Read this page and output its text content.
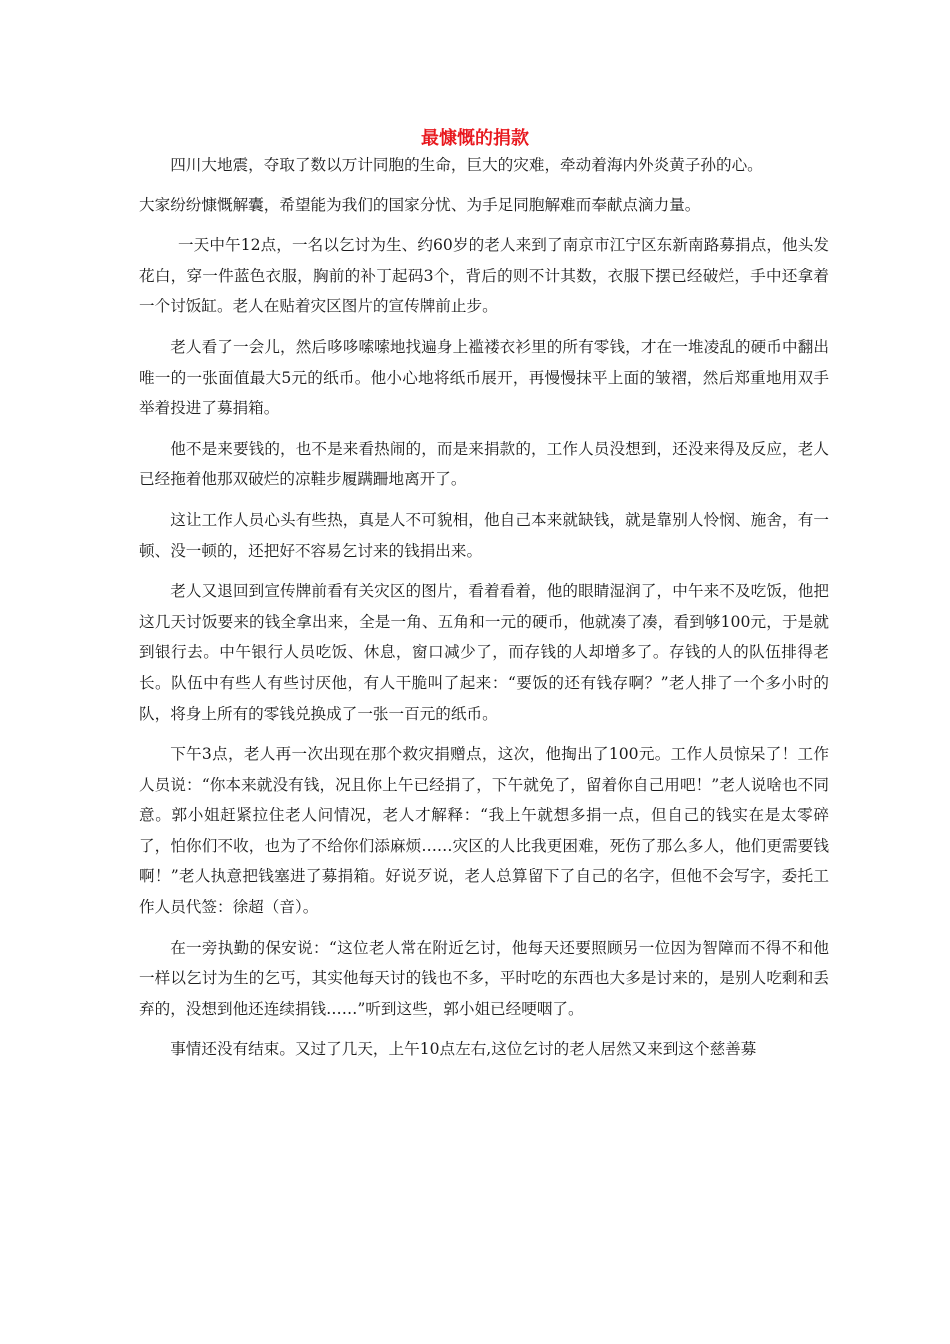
最慷慨的捐款

四川大地震，夺取了数以万计同胞的生命，巨大的灾难，牵动着海内外炎黄子孙的心。

大家纷纷慷慨解囊，希望能为我们的国家分忧、为手足同胞解难而奉献点滴力量。

一天中午12点，一名以乞讨为生、约60岁的老人来到了南京市江宁区东新南路募捐点，他头发花白，穿一件蓝色衣服，胸前的补丁起码3个，背后的则不计其数，衣服下摆已经破烂，手中还拿着一个讨饭缸。老人在贴着灾区图片的宣传牌前止步。

老人看了一会儿，然后哆哆嗦嗦地找遍身上褴褛衣衫里的所有零钱，才在一堆凌乱的硬币中翻出唯一的一张面值最大5元的纸币。他小心地将纸币展开，再慢慢抹平上面的皱褶，然后郑重地用双手举着投进了募捐箱。

他不是来要钱的，也不是来看热闹的，而是来捐款的，工作人员没想到，还没来得及反应，老人已经拖着他那双破烂的凉鞋步履蹒跚地离开了。

这让工作人员心头有些热，真是人不可貌相，他自己本来就缺钱，就是靠别人怜悯、施舍，有一顿、没一顿的，还把好不容易乞讨来的钱捐出来。

老人又退回到宣传牌前看有关灾区的图片，看着看着，他的眼睛湿润了，中午来不及吃饭，他把这几天讨饭要来的钱全拿出来，全是一角、五角和一元的硬币，他就凑了凑，看到够100元，于是就到银行去。中午银行人员吃饭、休息，窗口减少了，而存钱的人却增多了。存钱的人的队伍排得老长。队伍中有些人有些讨厌他，有人干脆叫了起来：“要饭的还有钱存啊？”老人排了一个多小时的队，将身上所有的零钱兑换成了一张一百元的纸币。

下午3点，老人再一次出现在那个救灾捐赠点，这次，他掏出了100元。工作人员惊呆了！工作人员说：“你本来就没有钱，况且你上午已经捐了，下午就免了，留着你自己用吧！”老人说啥也不同意。郭小姐赶紧拉住老人问情况，老人才解释：“我上午就想多捐一点，但自己的钱实在是太零碎了，怕你们不收，也为了不给你们添麻烦……灾区的人比我更困难，死伤了那么多人，他们更需要钱啊！”老人执意把钱塞进了募捐箱。好说歹说，老人总算留下了自己的名字，但他不会写字，委托工作人员代签：徐超（音）。

在一旁执勤的保安说：“这位老人常在附近乞讨，他每天还要照顾另一位因为智障而不得不和他一样以乞讨为生的乞丐，其实他每天讨的钱也不多，平时吃的东西也大多是讨来的，是别人吃剩和丢弃的，没想到他还连续捐钱……”听到这些，郭小姐已经哽咽了。

事情还没有结束。又过了几天，上午10点左右,这位乞讨的老人居然又来到这个慈善募
